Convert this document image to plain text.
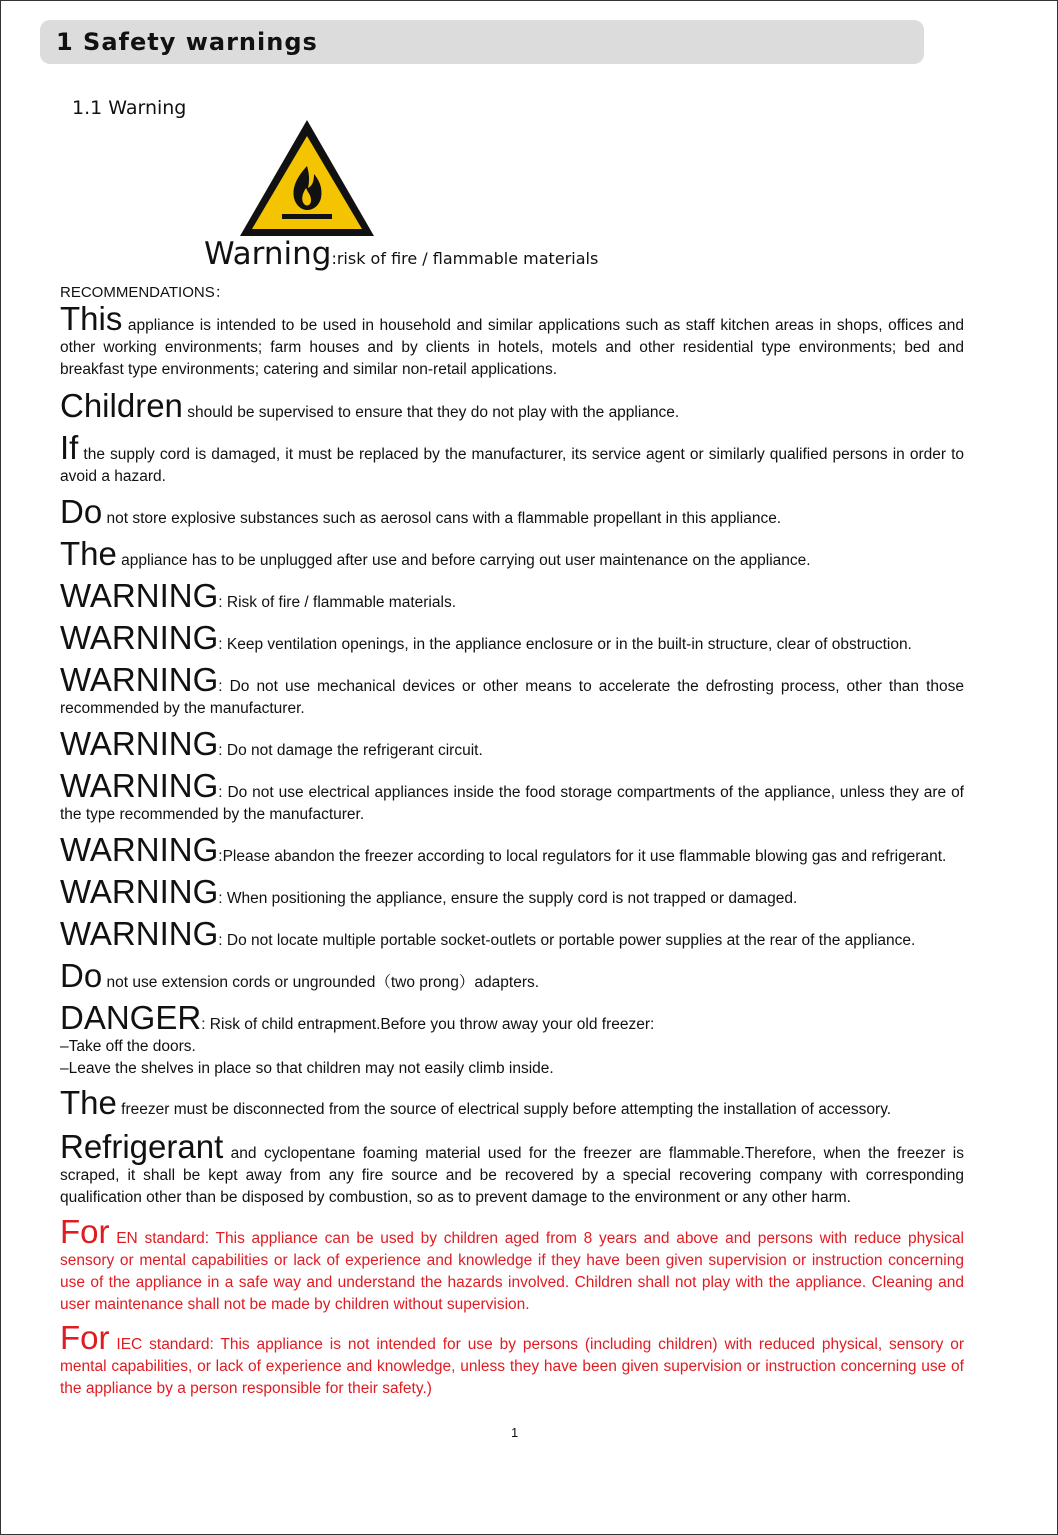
1 Safety warnings
1.1 Warning
Warning:risk of fire / flammable materials
RECOMMENDATIONS：
This appliance is intended to be used in household and similar applications such as staff kitchen areas in shops, offices and other working environments; farm houses and by clients in hotels, motels and other residential type environments; bed and breakfast type environments; catering and similar non-retail applications.
Children should be supervised to ensure that they do not play with the appliance.
If the supply cord is damaged, it must be replaced by the manufacturer, its service agent or similarly qualified persons in order to avoid a hazard.
Do not store explosive substances such as aerosol cans with a flammable propellant in this appliance.
The appliance has to be unplugged after use and before carrying out user maintenance on the appliance.
WARNING: Risk of fire / flammable materials.
WARNING: Keep ventilation openings, in the appliance enclosure or in the built-in structure, clear of obstruction.
WARNING: Do not use mechanical devices or other means to accelerate the defrosting process, other than those recommended by the manufacturer.
WARNING: Do not damage the refrigerant circuit.
WARNING: Do not use electrical appliances inside the food storage compartments of the appliance, unless they are of the type recommended by the manufacturer.
WARNING:Please abandon the freezer according to local regulators for it use flammable blowing gas and refrigerant.
WARNING: When positioning the appliance, ensure the supply cord is not trapped or damaged.
WARNING: Do not locate multiple portable socket-outlets or portable power supplies at the rear of the appliance.
Do not use extension cords or ungrounded（two prong）adapters.
DANGER: Risk of child entrapment.Before you throw away your old freezer:
–Take off the doors.
–Leave the shelves in place so that children may not easily climb inside.
The freezer must be disconnected from the source of electrical supply before attempting the installation of accessory.
Refrigerant and cyclopentane foaming material used for the freezer are flammable.Therefore, when the freezer is scraped, it shall be kept away from any fire source and be recovered by a special recovering company with corresponding qualification other than be disposed by combustion, so as to prevent damage to the environment or any other harm.
For EN standard: This appliance can be used by children aged from 8 years and above and persons with reduce physical sensory or mental capabilities or lack of experience and knowledge if they have been given supervision or instruction concerning use of the appliance in a safe way and understand the hazards involved. Children shall not play with the appliance. Cleaning and user maintenance shall not be made by children without supervision.
For IEC standard: This appliance is not intended for use by persons (including children) with reduced physical, sensory or mental capabilities, or lack of experience and knowledge, unless they have been given supervision or instruction concerning use of the appliance by a person responsible for their safety.)
1
